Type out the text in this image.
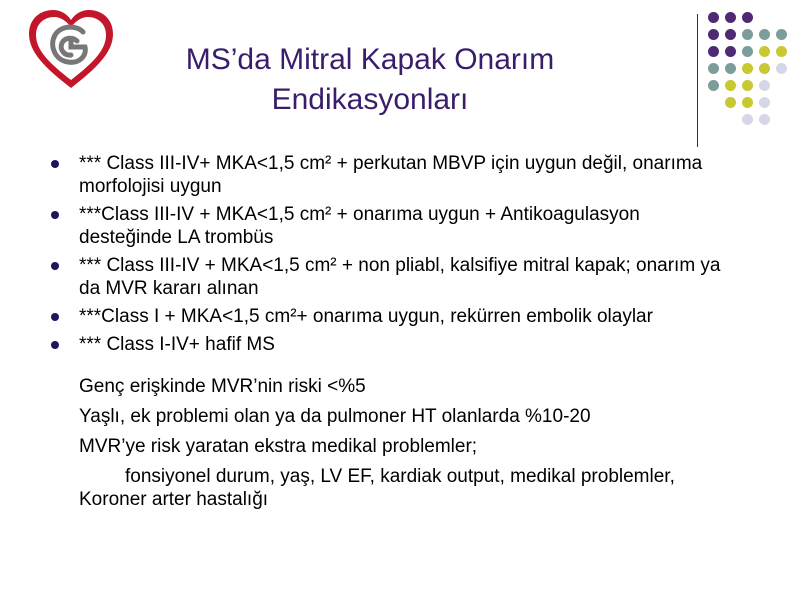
MS’da Mitral Kapak Onarım
Endikasyonları
*** Class III-IV+ MKA<1,5 cm² + perkutan MBVP için uygun değil, onarıma morfolojisi uygun
***Class III-IV + MKA<1,5 cm² + onarıma uygun + Antikoagulasyon desteğinde LA trombüs
*** Class III-IV + MKA<1,5 cm² + non pliabl, kalsifiye mitral kapak; onarım ya da MVR kararı alınan
***Class I + MKA<1,5 cm²+ onarıma uygun, rekürren embolik olaylar
*** Class I-IV+ hafif MS
Genç erişkinde MVR’nin riski <%5
Yaşlı, ek problemi olan ya da pulmoner HT olanlarda %10-20
MVR’ye risk yaratan ekstra medikal problemler;
fonsiyonel durum, yaş, LV EF, kardiak output, medikal problemler, Koroner arter hastalığı
